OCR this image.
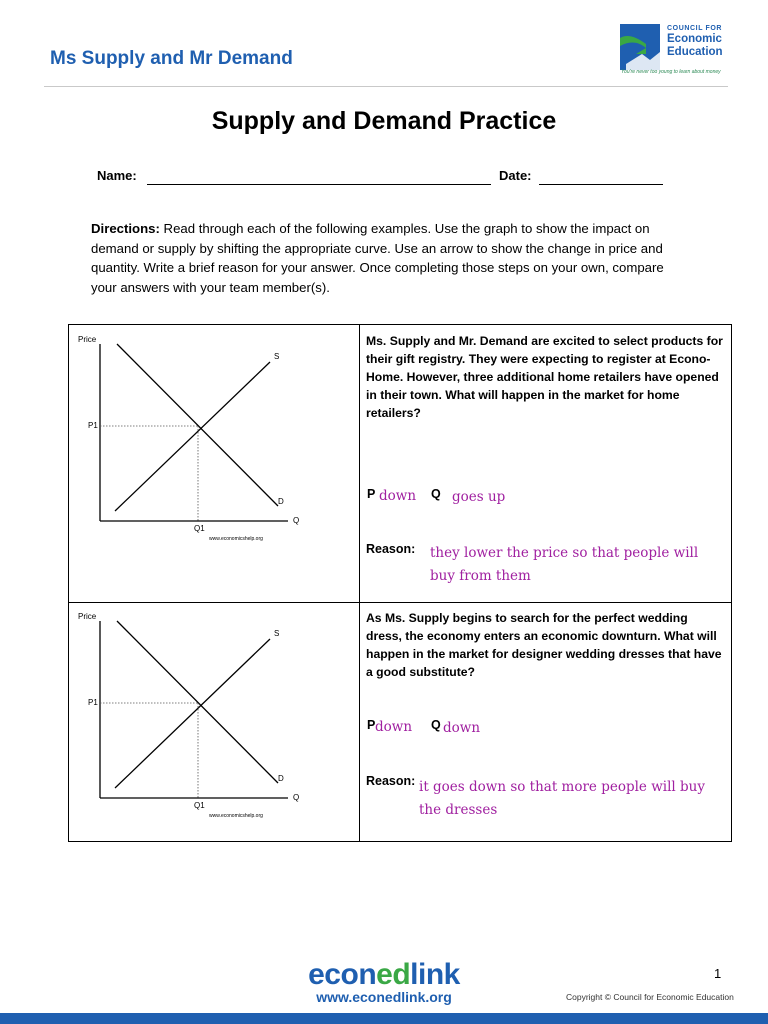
Ms Supply and Mr Demand
COUNCIL FOR
Economic
Education
You're never too young to learn about money
Supply and Demand Practice
Name:	Date:
Directions: Read through each of the following examples. Use the graph to show the impact on demand or supply by shifting the appropriate curve. Use an arrow to show the change in price and quantity. Write a brief reason for your answer. Once completing those steps on your own, compare your answers with your team member(s).
Price
S
D
Q
P1
Q1
www.economicshelp.org
Price
S
D
Q
P1
Q1
www.economicshelp.org
Ms. Supply and Mr. Demand are excited to select products for their gift registry. They were expecting to register at Econo-Home. However, three additional home retailers have opened in their town. What will happen in the market for home retailers?
P down Q goes up
Reason: they lower the price so that people will buy from them
As Ms. Supply begins to search for the perfect wedding dress, the economy enters an economic downturn. What will happen in the market for designer wedding dresses that have a good substitute?
P down Q down
Reason: it goes down so that more people will buy the dresses
econedlink
www.econedlink.org
1
Copyright © Council for Economic Education
